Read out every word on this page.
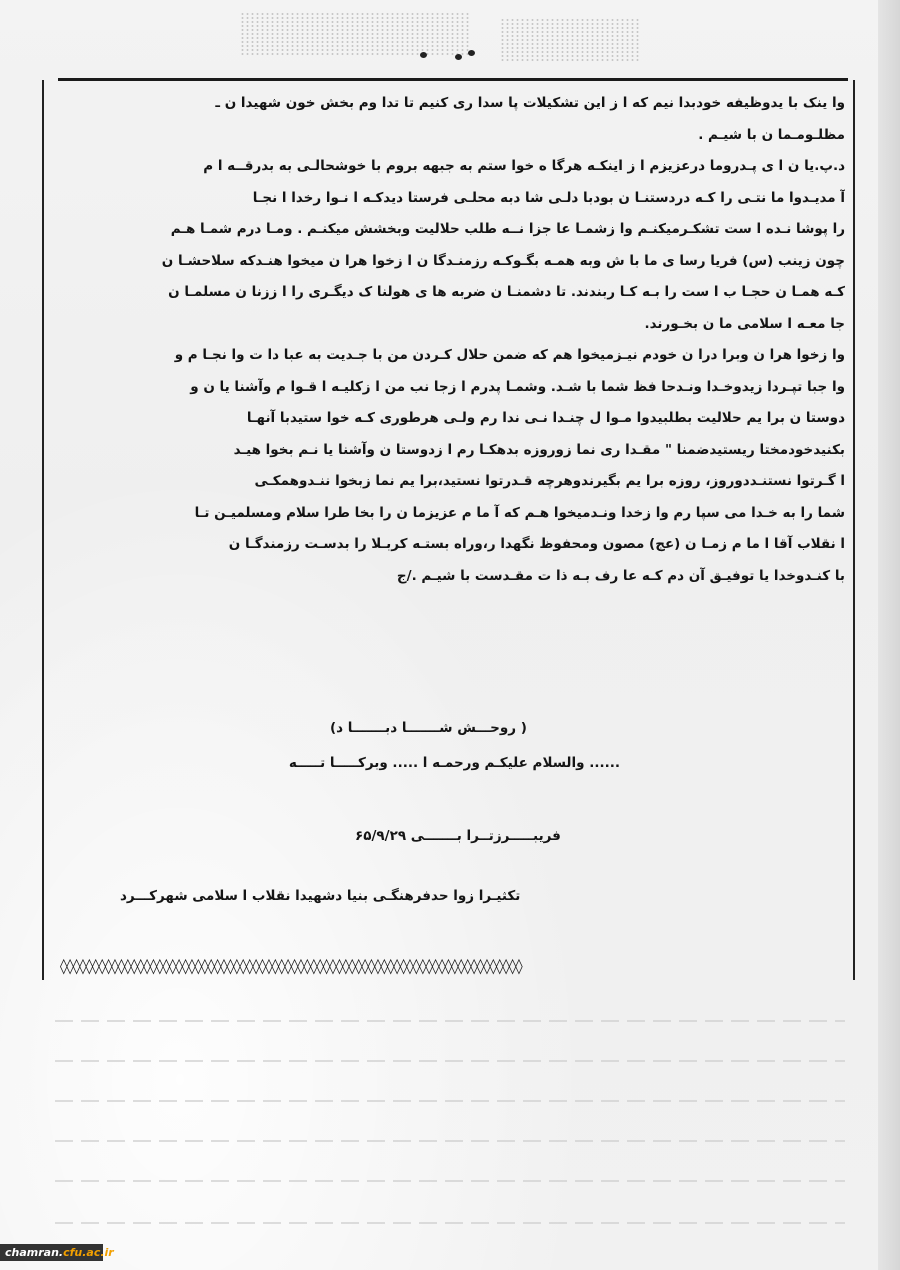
وا ینک با یدوظیفه خودبدا نیم که ا ز این تشکیلات پا سدا ری کنیم تا تدا وم بخش خون شهیدا ن ـ
مظلـومـما ن با شیـم .
د.پ.یا ن ا ی پـدروما درعزیزم ا ز اینکـه هرگا ه خوا ستم به جبهه بروم با خوشحالـی به بدرقــه ا م
آ مدیـدوا ما نتـی را کـه دردستنـا ن بودبا دلـی شا دبه محلـی فرستا دیدکـه ا نـوا رخدا ا نجـا
را پوشا نـده ا ست تشکـرمیکنـم وا زشمـا عا جزا نــه طلب حلالیت وبخشش میکنـم . ومـا درم شمـا هـم
چون زینب (س) فریا رسا ی ما با ش وبه همـه بگـوکـه رزمنـدگا ن ا زخوا هرا ن میخوا هنـدکه سلاحشـا ن
کـه همـا ن حجـا ب ا ست را بـه کـا ربندند. تا دشمنـا ن ضربه ها ی هولنا ک دیگـری را ا ززنا ن مسلمـا ن
جا معـه ا سلامی ما ن بخـورند.
وا زخوا هرا ن وبرا درا ن خودم نیـزمیخوا هم که ضمن حلال کـردن من با جـدیت به عبا دا ت وا نجـا م و
وا جبا تپـردا زیدوخـدا ونـدحا فظ شما با شـد. وشمـا پدرم ا زجا نب من ا زکلیـه ا قـوا م وآشنا یا ن و
دوستا ن برا یم حلالیت بطلبیدوا مـوا ل چنـدا نـی ندا رم ولـی هرطوری کـه خوا ستیدبا آنهـا
بکنیدخودمختا ریستیدضمنا " مقـدا ری نما زوروزه بدهکـا رم ا زدوستا ن وآشنا یا نـم بخوا هیـد
ا گـرتوا نستنـددوروز، روزه برا یم بگیرندوهرچه قـدرتوا نستید،برا یم نما زبخوا ننـدوهمکـی
شما را به خـدا می سپا رم وا زخدا ونـدمیخوا هـم که آ ما م عزیزما ن را بخا طرا سلام ومسلمیـن تـا
ا نقلاب آقا ا ما م زمـا ن (عج) مصون ومحفوظ نگهدا ر،وراه بستـه کربـلا را بدسـت رزمندگـا ن
با کنـدوخدا یا توفیـق آن دم کـه عا رف بـه ذا ت مقـدست با شیـم ./ج
( روحـــش شـــــــا دبـــــــا د)
...... والسلام علیکـم ورحمـه ا ..... وبرکـــــا تـــــه
فریبـــــرزتــرا بـــــــی ۶۵/۹/۲۹
تکثیـرا زوا حدفرهنگـی بنیا دشهیدا نقلاب ا سلامی شهرکـــرد
◊◊◊◊◊◊◊◊◊◊◊◊◊◊◊◊◊◊◊◊◊◊◊◊◊◊◊◊◊◊◊◊◊◊◊◊◊◊◊◊◊◊◊◊◊◊◊◊◊◊◊◊◊◊◊◊◊◊◊◊◊◊◊◊◊◊◊◊◊◊◊◊
chamran.cfu.ac.ir
